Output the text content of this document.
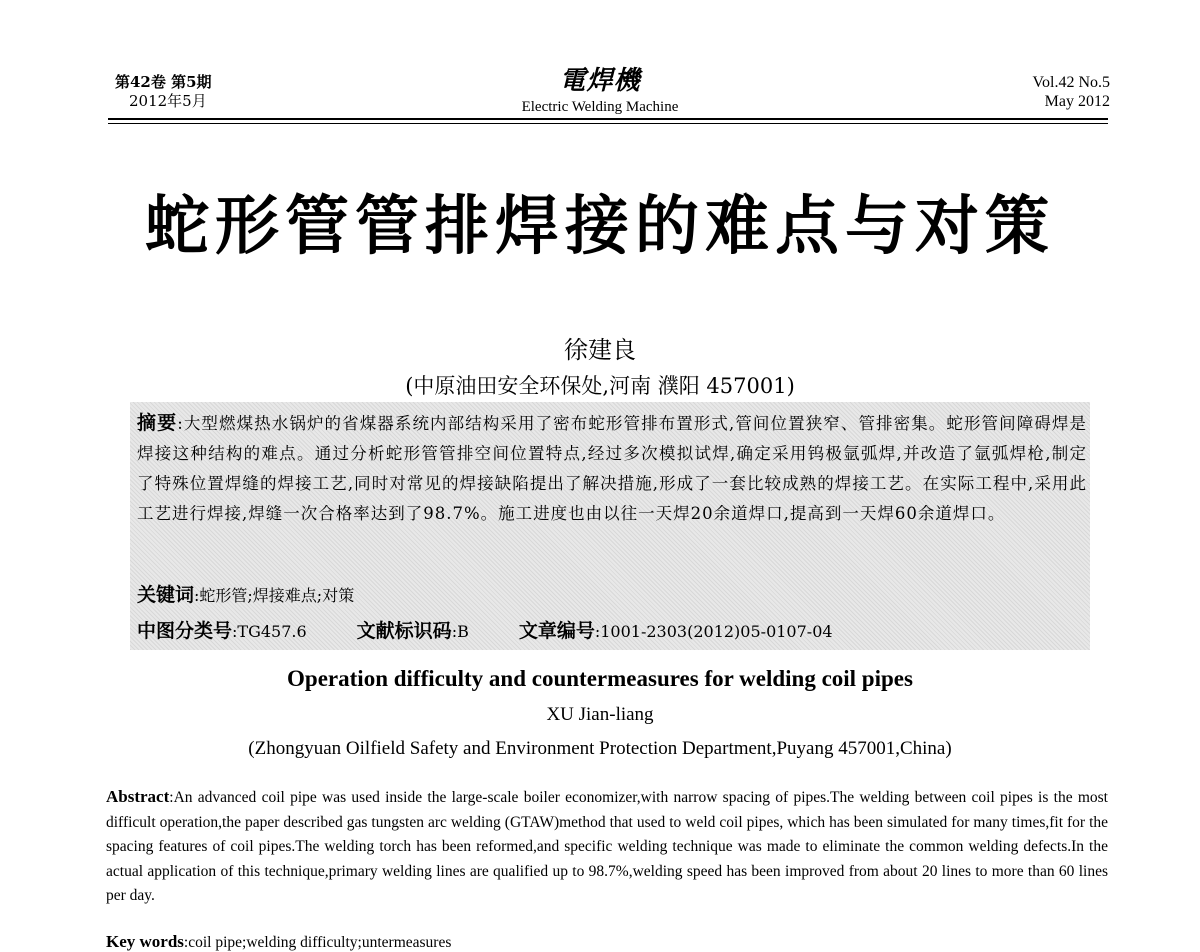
第42卷 第5期
2012年5月
電焊機
Electric Welding Machine
Vol.42 No.5
May 2012
蛇形管管排焊接的难点与对策
徐建良
(中原油田安全环保处,河南 濮阳 457001)
摘要:大型燃煤热水锅炉的省煤器系统内部结构采用了密布蛇形管排布置形式,管间位置狭窄、管排密集。蛇形管间障碍焊是焊接这种结构的难点。通过分析蛇形管管排空间位置特点,经过多次模拟试焊,确定采用钨极氩弧焊,并改造了氩弧焊枪,制定了特殊位置焊缝的焊接工艺,同时对常见的焊接缺陷提出了解决措施,形成了一套比较成熟的焊接工艺。在实际工程中,采用此工艺进行焊接,焊缝一次合格率达到了98.7%。施工进度也由以往一天焊20余道焊口,提高到一天焊60余道焊口。
关键词:蛇形管;焊接难点;对策
中图分类号:TG457.6	文献标识码:B	文章编号:1001-2303(2012)05-0107-04
Operation difficulty and countermeasures for welding coil pipes
XU Jian-liang
(Zhongyuan Oilfield Safety and Environment Protection Department,Puyang 457001,China)
Abstract:An advanced coil pipe was used inside the large-scale boiler economizer,with narrow spacing of pipes.The welding between coil pipes is the most difficult operation,the paper described gas tungsten arc welding (GTAW)method that used to weld coil pipes, which has been simulated for many times,fit for the spacing features of coil pipes.The welding torch has been reformed,and specific welding technique was made to eliminate the common welding defects.In the actual application of this technique,primary welding lines are qualified up to 98.7%,welding speed has been improved from about 20 lines to more than 60 lines per day.
Key words:coil pipe;welding difficulty;untermeasures
